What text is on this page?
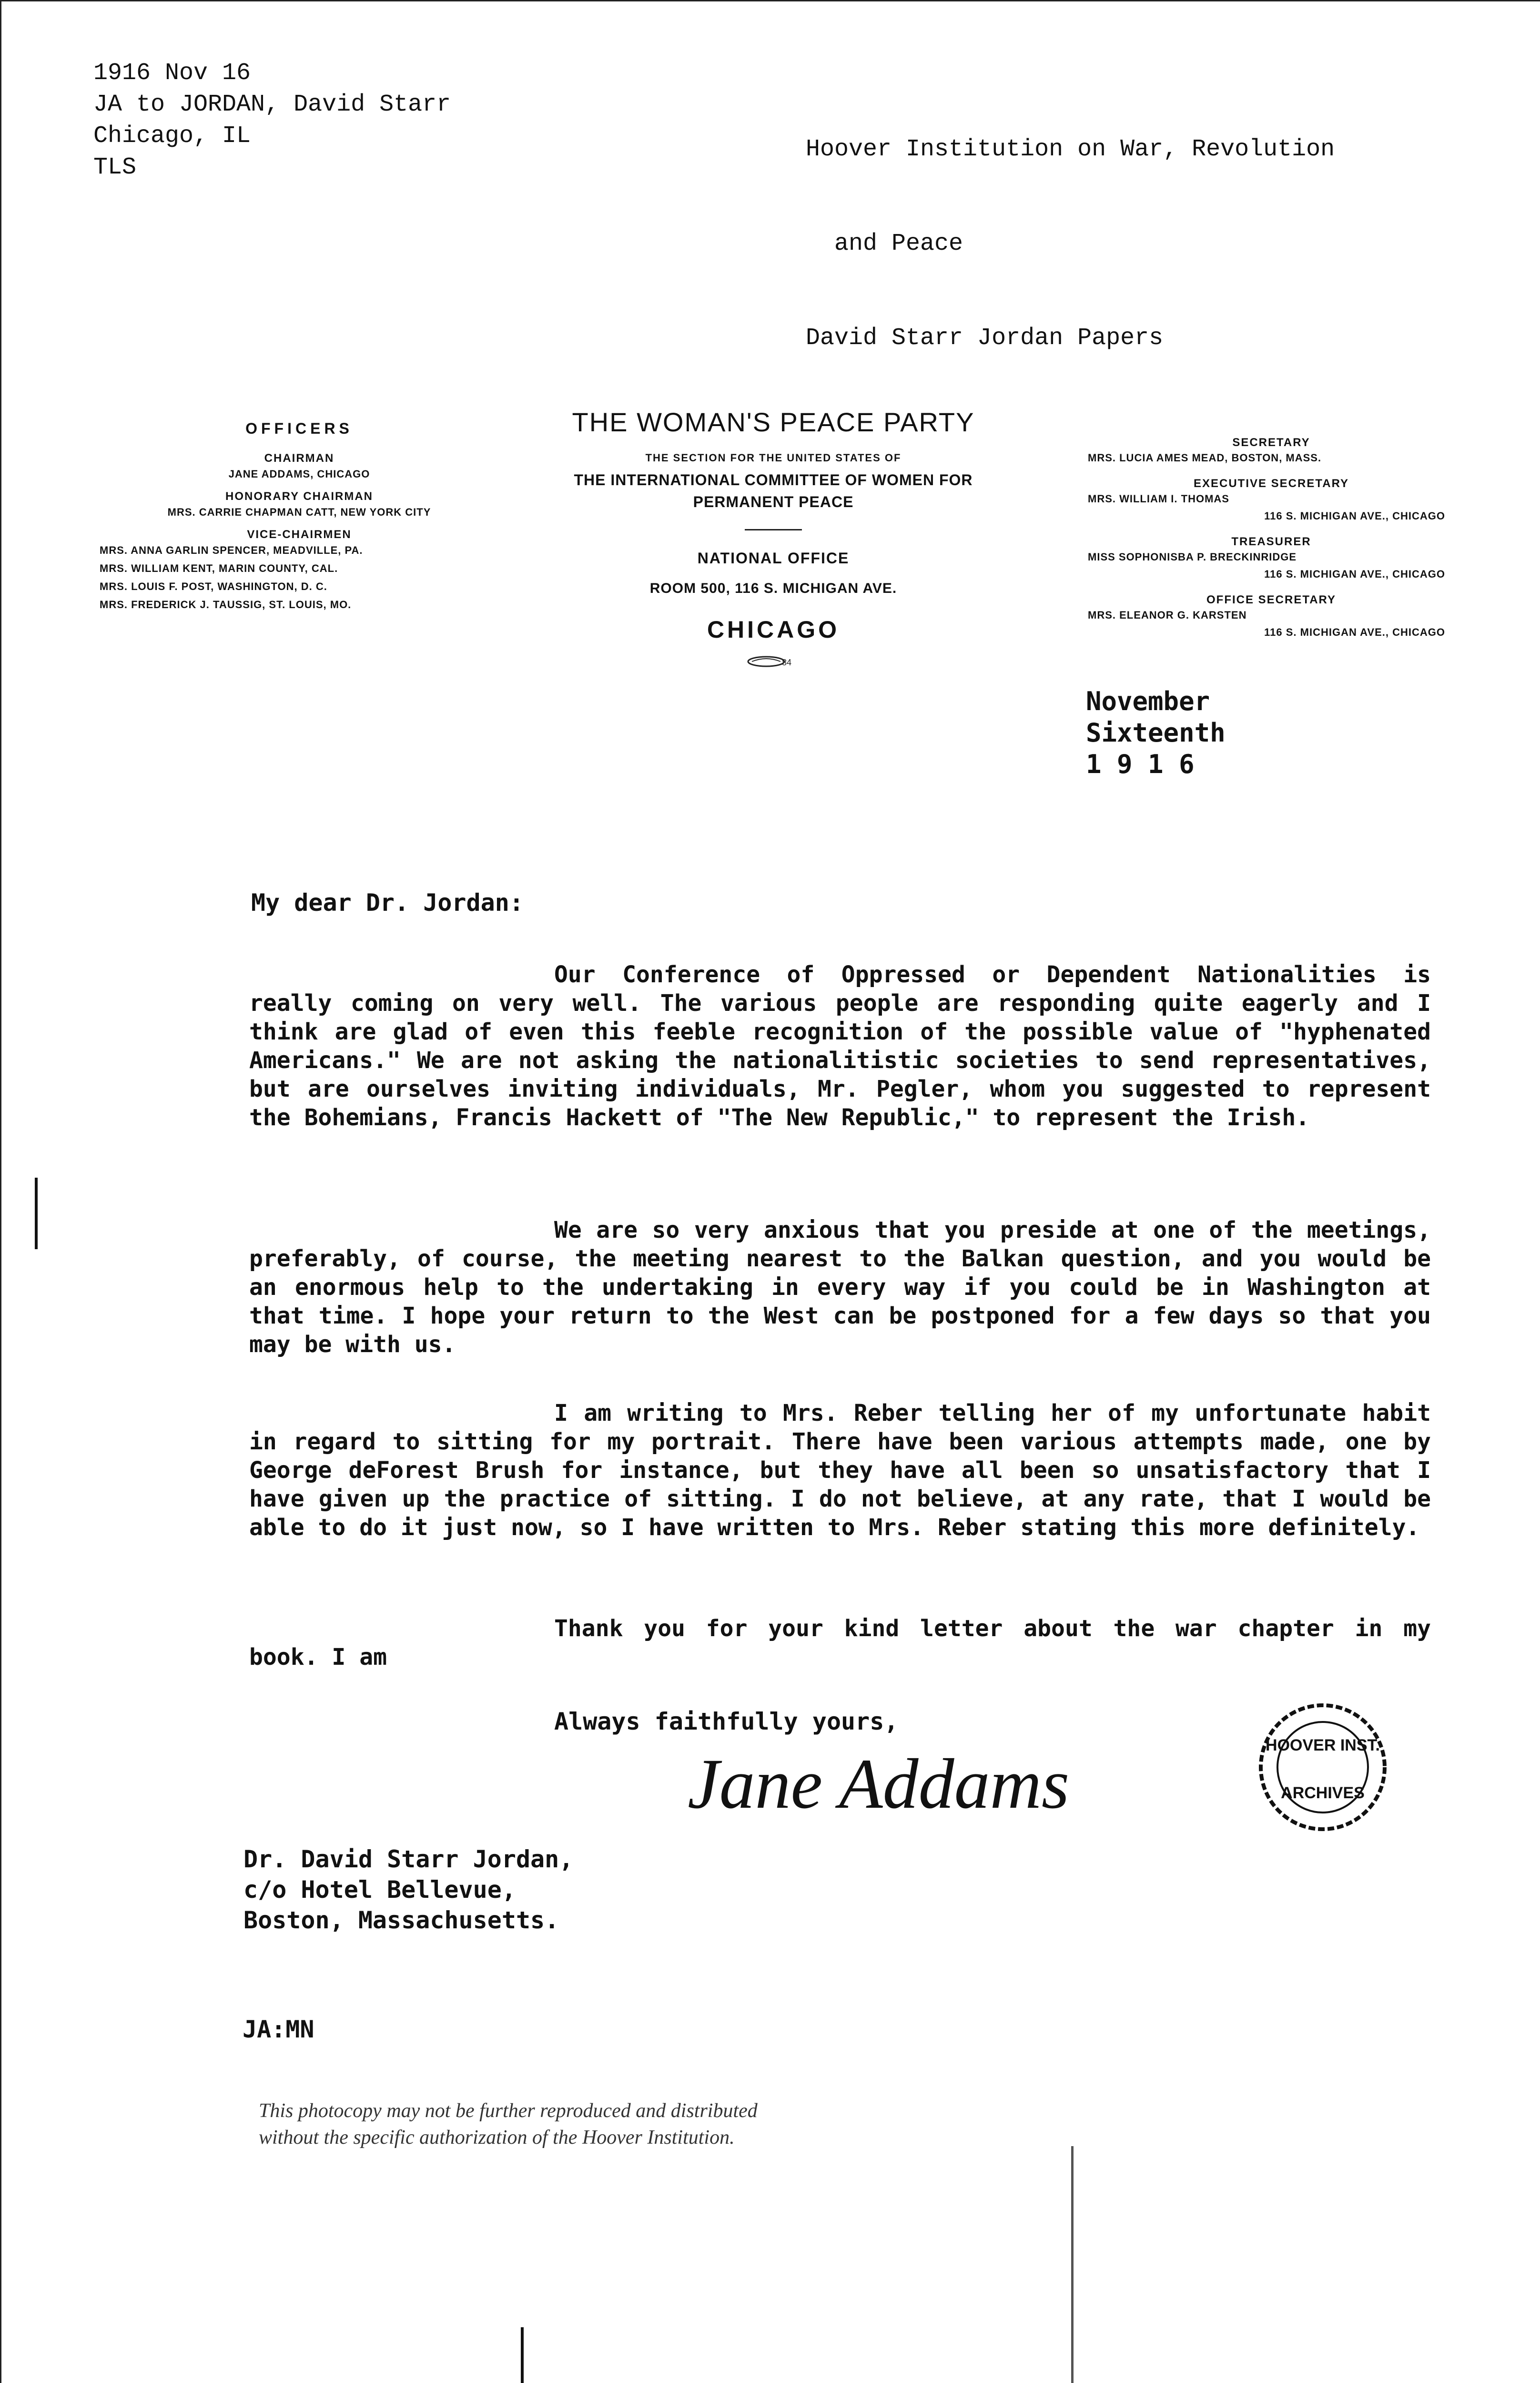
1916 Nov 16
JA to JORDAN, David Starr
Chicago, IL
TLS

Hoover Institution on War, Revolution

and Peace

David Starr Jordan Papers

OFFICERS
CHAIRMAN
JANE ADDAMS, CHICAGO
HONORARY CHAIRMAN
MRS. CARRIE CHAPMAN CATT, NEW YORK CITY
VICE-CHAIRMEN
MRS. ANNA GARLIN SPENCER, MEADVILLE, PA.
MRS. WILLIAM KENT, MARIN COUNTY, CAL.
MRS. LOUIS F. POST, WASHINGTON, D. C.
MRS. FREDERICK J. TAUSSIG, ST. LOUIS, MO.
THE WOMAN'S PEACE PARTY
THE SECTION FOR THE UNITED STATES OF
THE INTERNATIONAL COMMITTEE OF WOMEN FOR
PERMANENT PEACE
NATIONAL OFFICE
ROOM 500, 116 S. MICHIGAN AVE.
CHICAGO
84
SECRETARY
MRS. LUCIA AMES MEAD, BOSTON, MASS.
EXECUTIVE SECRETARY
MRS. WILLIAM I. THOMAS
116 S. MICHIGAN AVE., CHICAGO
TREASURER
MISS SOPHONISBA P. BRECKINRIDGE
116 S. MICHIGAN AVE., CHICAGO
OFFICE SECRETARY
MRS. ELEANOR G. KARSTEN
116 S. MICHIGAN AVE., CHICAGO
November
Sixteenth
1 9 1 6
My dear Dr. Jordan:
Our Conference of Oppressed or Dependent Nationalities is really coming on very well. The various people are responding quite eagerly and I think are glad of even this feeble recognition of the possible value of "hyphenated Americans." We are not asking the nationalitistic societies to send representatives, but are ourselves inviting individuals, Mr. Pegler, whom you suggested to represent the Bohemians, Francis Hackett of "The New Republic," to represent the Irish.
We are so very anxious that you preside at one of the meetings, preferably, of course, the meeting nearest to the Balkan question, and you would be an enormous help to the undertaking in every way if you could be in Washington at that time. I hope your return to the West can be postponed for a few days so that you may be with us.
I am writing to Mrs. Reber telling her of my unfortunate habit in regard to sitting for my portrait. There have been various attempts made, one by George deForest Brush for instance, but they have all been so unsatisfactory that I have given up the practice of sitting. I do not believe, at any rate, that I would be able to do it just now, so I have written to Mrs. Reber stating this more definitely.
Thank you for your kind letter about the war chapter in my book. I am
Always faithfully yours,
Jane Addams	HOOVER INST.
ARCHIVES
Dr. David Starr Jordan,
c/o Hotel Bellevue,
Boston, Massachusetts.
JA:MN
This photocopy may not be further reproduced and distributed
without the specific authorization of the Hoover Institution.
